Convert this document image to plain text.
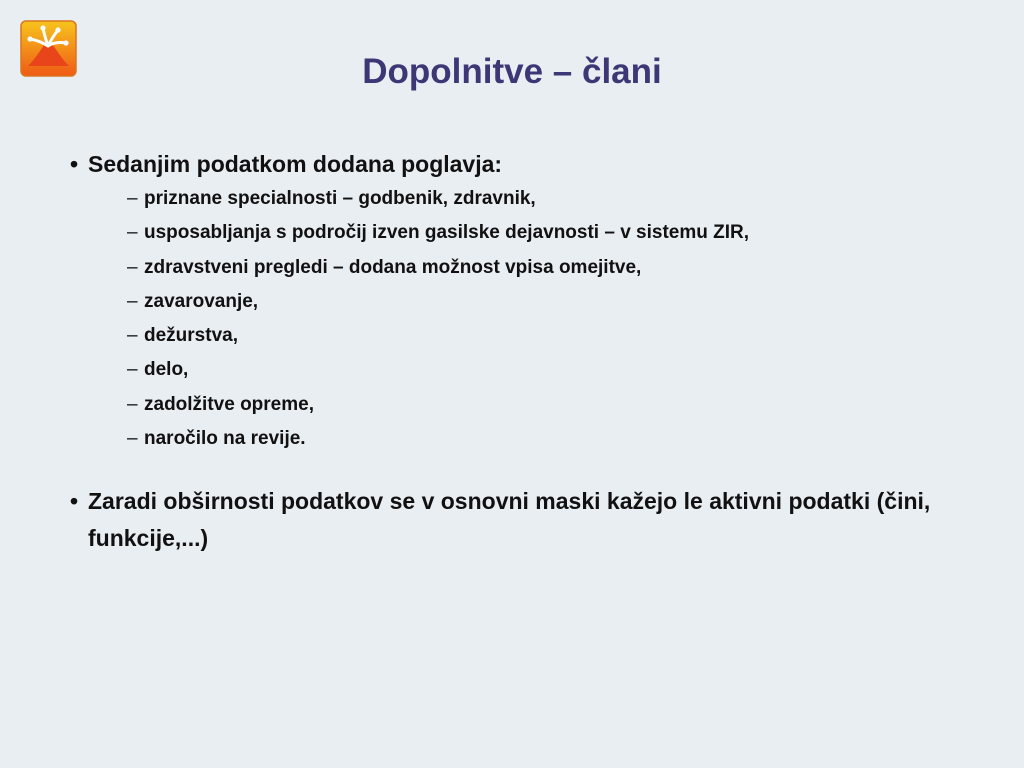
Dopolnitve – člani
• Sedanjim podatkom dodana poglavja:
– priznane specialnosti – godbenik, zdravnik,
– usposabljanja s področij izven gasilske dejavnosti – v sistemu ZIR,
– zdravstveni pregledi – dodana možnost vpisa omejitve,
– zavarovanje,
– dežurstva,
– delo,
– zadolžitve opreme,
– naročilo na revije.
• Zaradi obširnosti podatkov se v osnovni maski kažejo le aktivni podatki (čini, funkcije,...)
